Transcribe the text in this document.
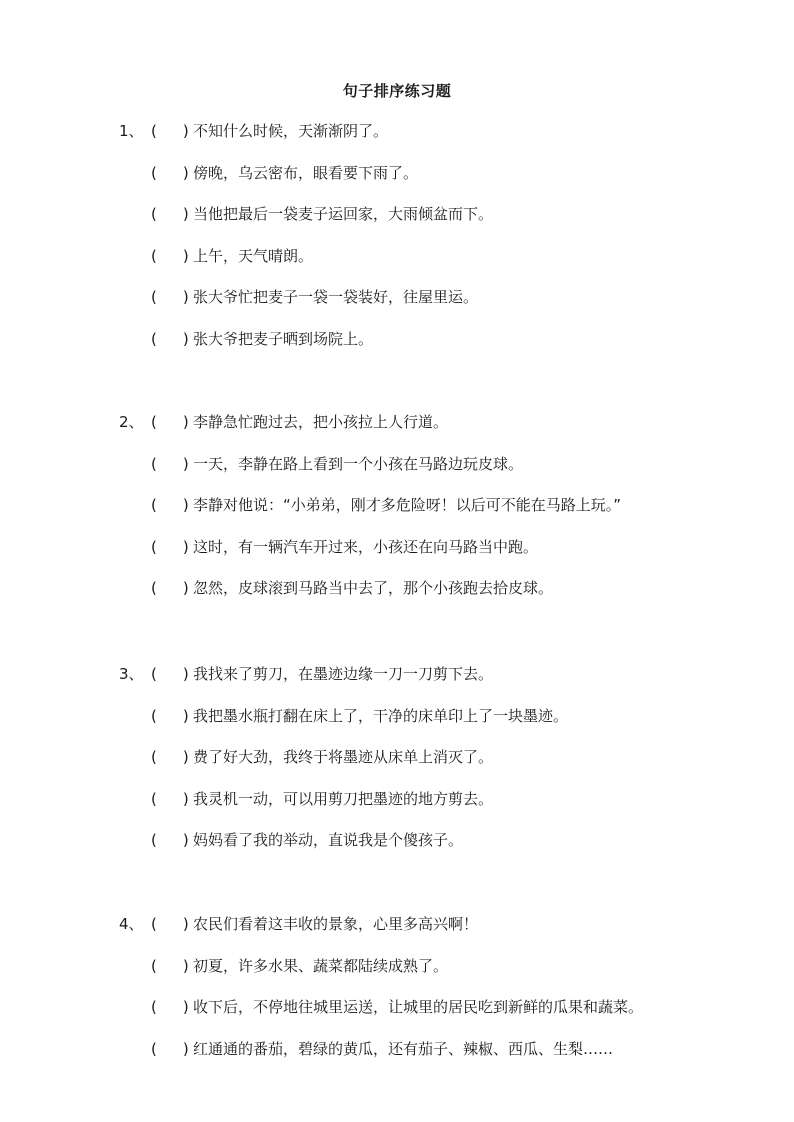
句子排序练习题
1、 ( ) 不知什么时候，天渐渐阴了。
( ) 傍晚，乌云密布，眼看要下雨了。
( ) 当他把最后一袋麦子运回家，大雨倾盆而下。
( ) 上午，天气晴朗。
( ) 张大爷忙把麦子一袋一袋装好，往屋里运。
( ) 张大爷把麦子晒到场院上。
2、 ( ) 李静急忙跑过去，把小孩拉上人行道。
( ) 一天，李静在路上看到一个小孩在马路边玩皮球。
( ) 李静对他说：“小弟弟，刚才多危险呀！以后可不能在马路上玩。”
( ) 这时，有一辆汽车开过来，小孩还在向马路当中跑。
( ) 忽然，皮球滚到马路当中去了，那个小孩跑去拾皮球。
3、 ( ) 我找来了剪刀，在墨迹边缘一刀一刀剪下去。
( ) 我把墨水瓶打翻在床上了，干净的床单印上了一块墨迹。
( ) 费了好大劲，我终于将墨迹从床单上消灭了。
( ) 我灵机一动，可以用剪刀把墨迹的地方剪去。
( ) 妈妈看了我的举动，直说我是个傻孩子。
4、 ( ) 农民们看着这丰收的景象，心里多高兴啊！
( ) 初夏，许多水果、蔬菜都陆续成熟了。
( ) 收下后，不停地往城里运送，让城里的居民吃到新鲜的瓜果和蔬菜。
( ) 红通通的番茄，碧绿的黄瓜，还有茄子、辣椒、西瓜、生梨……
